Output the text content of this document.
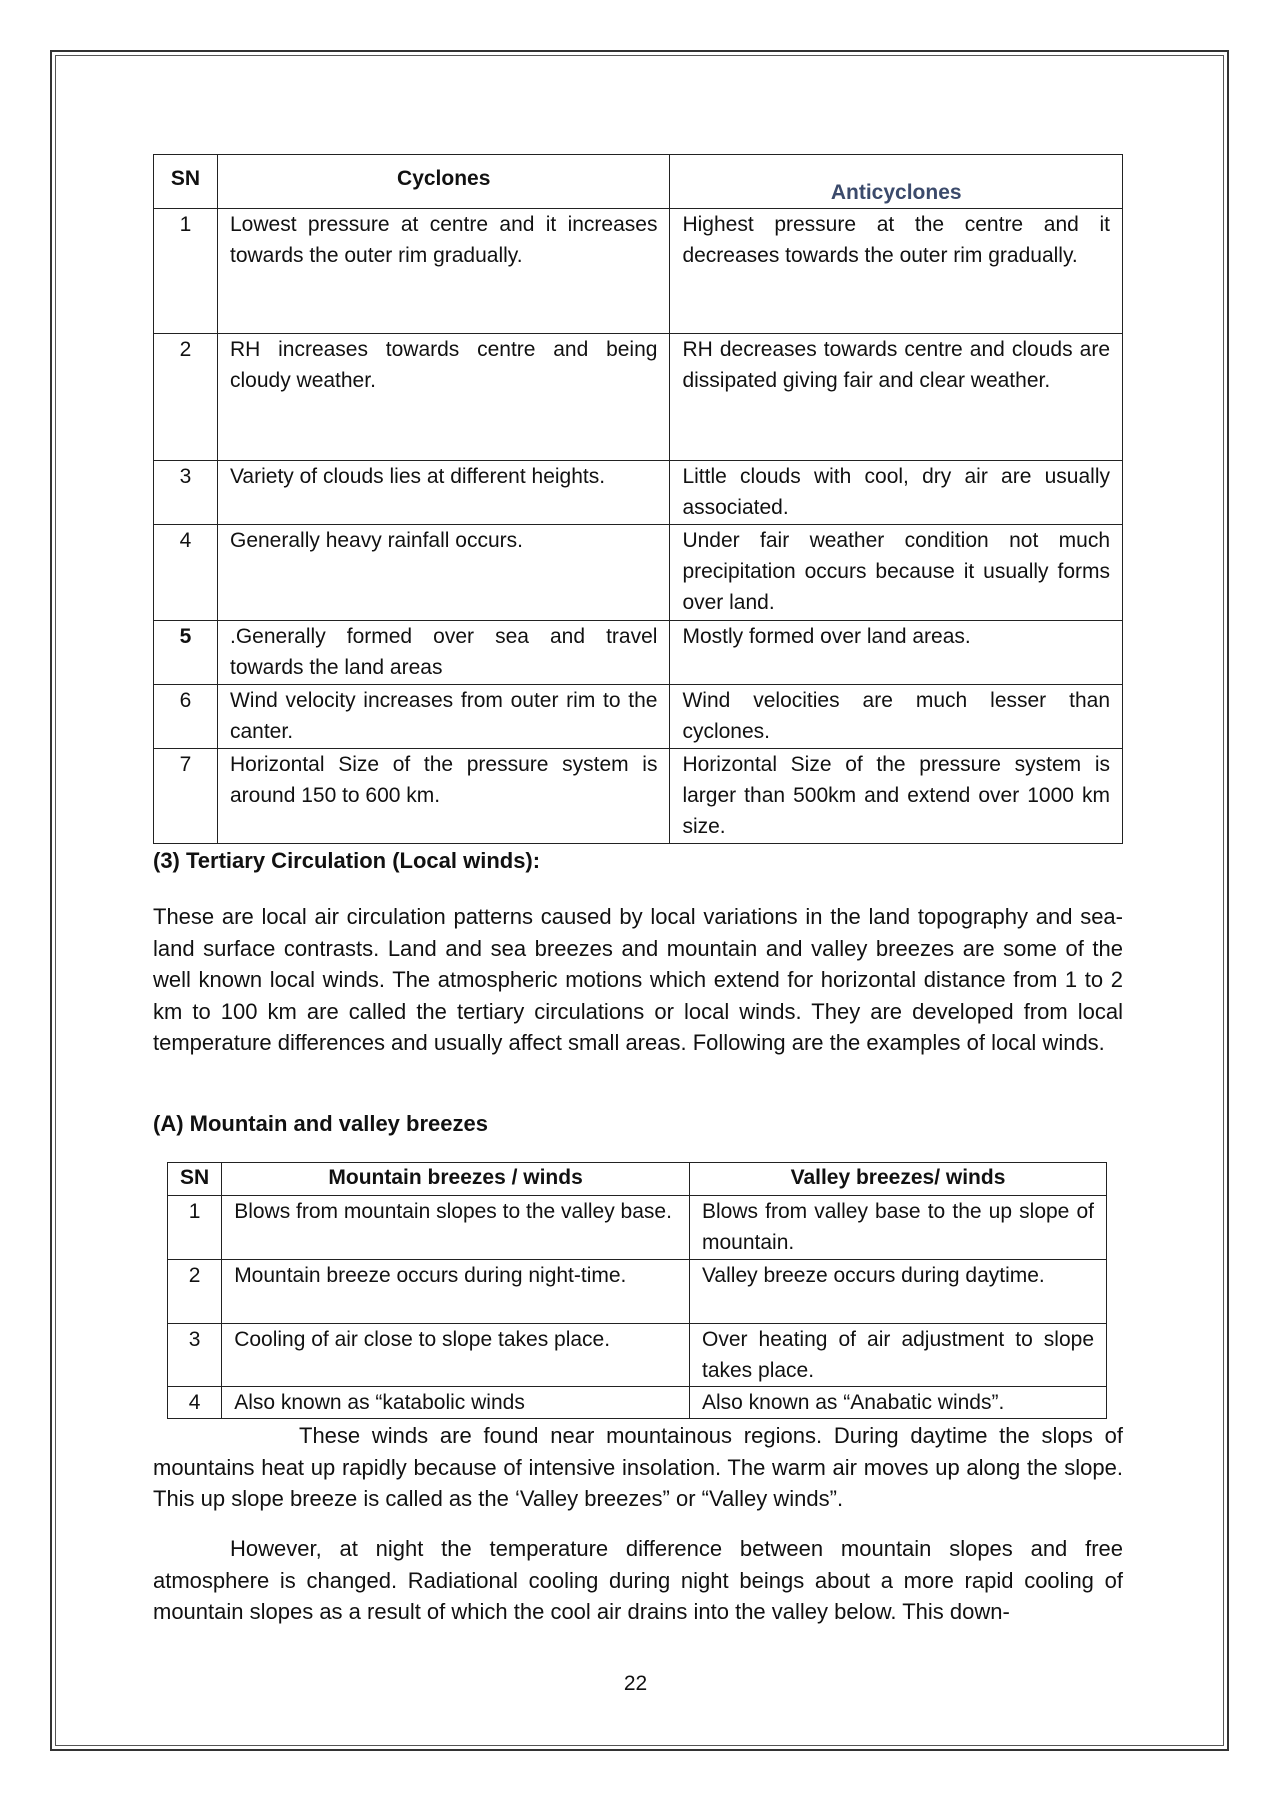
SN	Cyclones	Anticyclones
1	Lowest pressure at centre and it increases towards the outer rim gradually.	Highest pressure at the centre and it decreases towards the outer rim gradually.
2	RH increases towards centre and being cloudy weather.	RH decreases towards centre and clouds are dissipated giving fair and clear weather.
3	Variety of clouds lies at different heights.	Little clouds with cool, dry air are usually associated.
4	Generally heavy rainfall occurs.	Under fair weather condition not much precipitation occurs because it usually forms over land.
5	.Generally formed over sea and travel towards the land areas	Mostly formed over land areas.
6	Wind velocity increases from outer rim to the canter.	Wind velocities are much lesser than cyclones.
7	Horizontal Size of the pressure system is around 150 to 600 km.	Horizontal Size of the pressure system is larger than 500km and extend over 1000 km size.
(3) Tertiary Circulation (Local winds):

These are local air circulation patterns caused by local variations in the land topography and sea-land surface contrasts. Land and sea breezes and mountain and valley breezes are some of the well known local winds. The atmospheric motions which extend for horizontal distance from 1 to 2 km to 100 km are called the tertiary circulations or local winds. They are developed from local temperature differences and usually affect small areas. Following are the examples of local winds.

(A) Mountain and valley breezes
SN	Mountain breezes / winds	Valley breezes/ winds
1	Blows from mountain slopes to the valley base.	Blows from valley base to the up slope of mountain.
2	Mountain breeze occurs during night-time.	Valley breeze occurs during daytime.
3	Cooling of air close to slope takes place.	Over heating of air adjustment to slope takes place.
4	Also known as “katabolic winds	Also known as “Anabatic winds”.

These winds are found near mountainous regions. During daytime the slops of mountains heat up rapidly because of intensive insolation. The warm air moves up along the slope. This up slope breeze is called as the ‘Valley breezes” or “Valley winds”.

However, at night the temperature difference between mountain slopes and free atmosphere is changed. Radiational cooling during night beings about a more rapid cooling of mountain slopes as a result of which the cool air drains into the valley below. This down-

22
